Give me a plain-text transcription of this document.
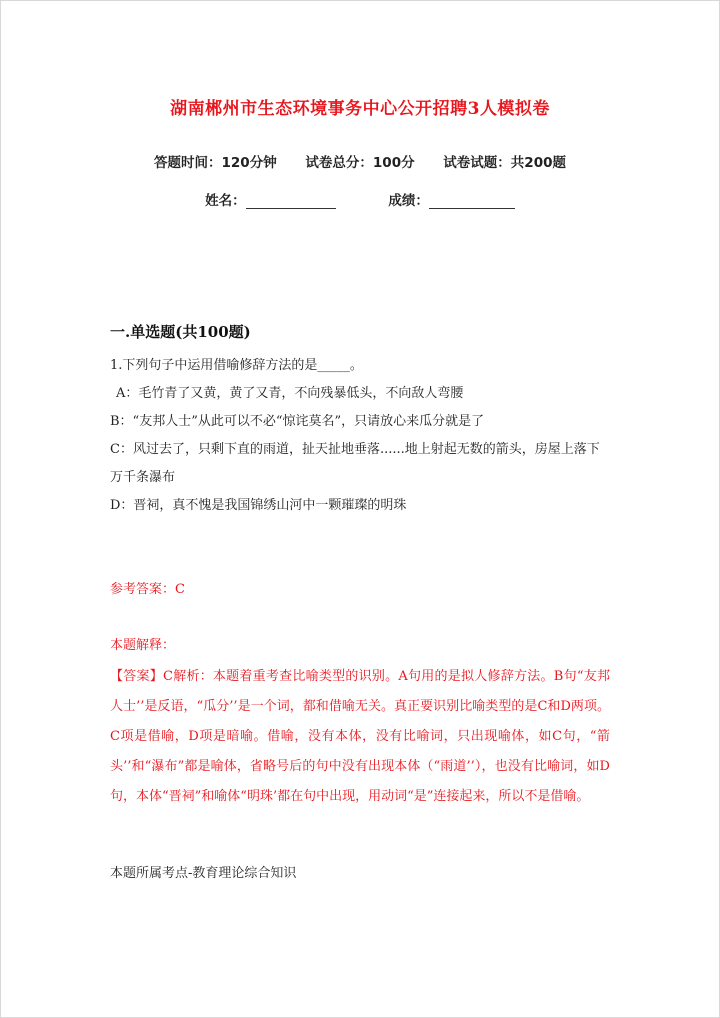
湖南郴州市生态环境事务中心公开招聘3人模拟卷
答题时间：120分钟 试卷总分：100分 试卷试题：共200题
姓名：	成绩：
一.单选题(共100题)
1.下列句子中运用借喻修辞方法的是_____。
A：毛竹青了又黄，黄了又青，不向残暴低头，不向敌人弯腰
B：“友邦人士”从此可以不必“惊诧莫名”，只请放心来瓜分就是了
C：风过去了，只剩下直的雨道，扯天扯地垂落......地上射起无数的箭头，房屋上落下万千条瀑布
D：晋祠，真不愧是我国锦绣山河中一颗璀璨的明珠
参考答案：C
本题解释：
【答案】C解析：本题着重考查比喻类型的识别。A句用的是拟人修辞方法。B句“友邦人士’’是反语，“瓜分’’是一个词，都和借喻无关。真正要识别比喻类型的是C和D两项。C项是借喻，D项是暗喻。借喻，没有本体，没有比喻词，只出现喻体，如C句，“箭头’’和“瀑布”都是喻体，省略号后的句中没有出现本体（“雨道’’），也没有比喻词，如D句，本体“晋祠”和喻体“明珠’都在句中出现，用动词“是”连接起来，所以不是借喻。
本题所属考点-教育理论综合知识
